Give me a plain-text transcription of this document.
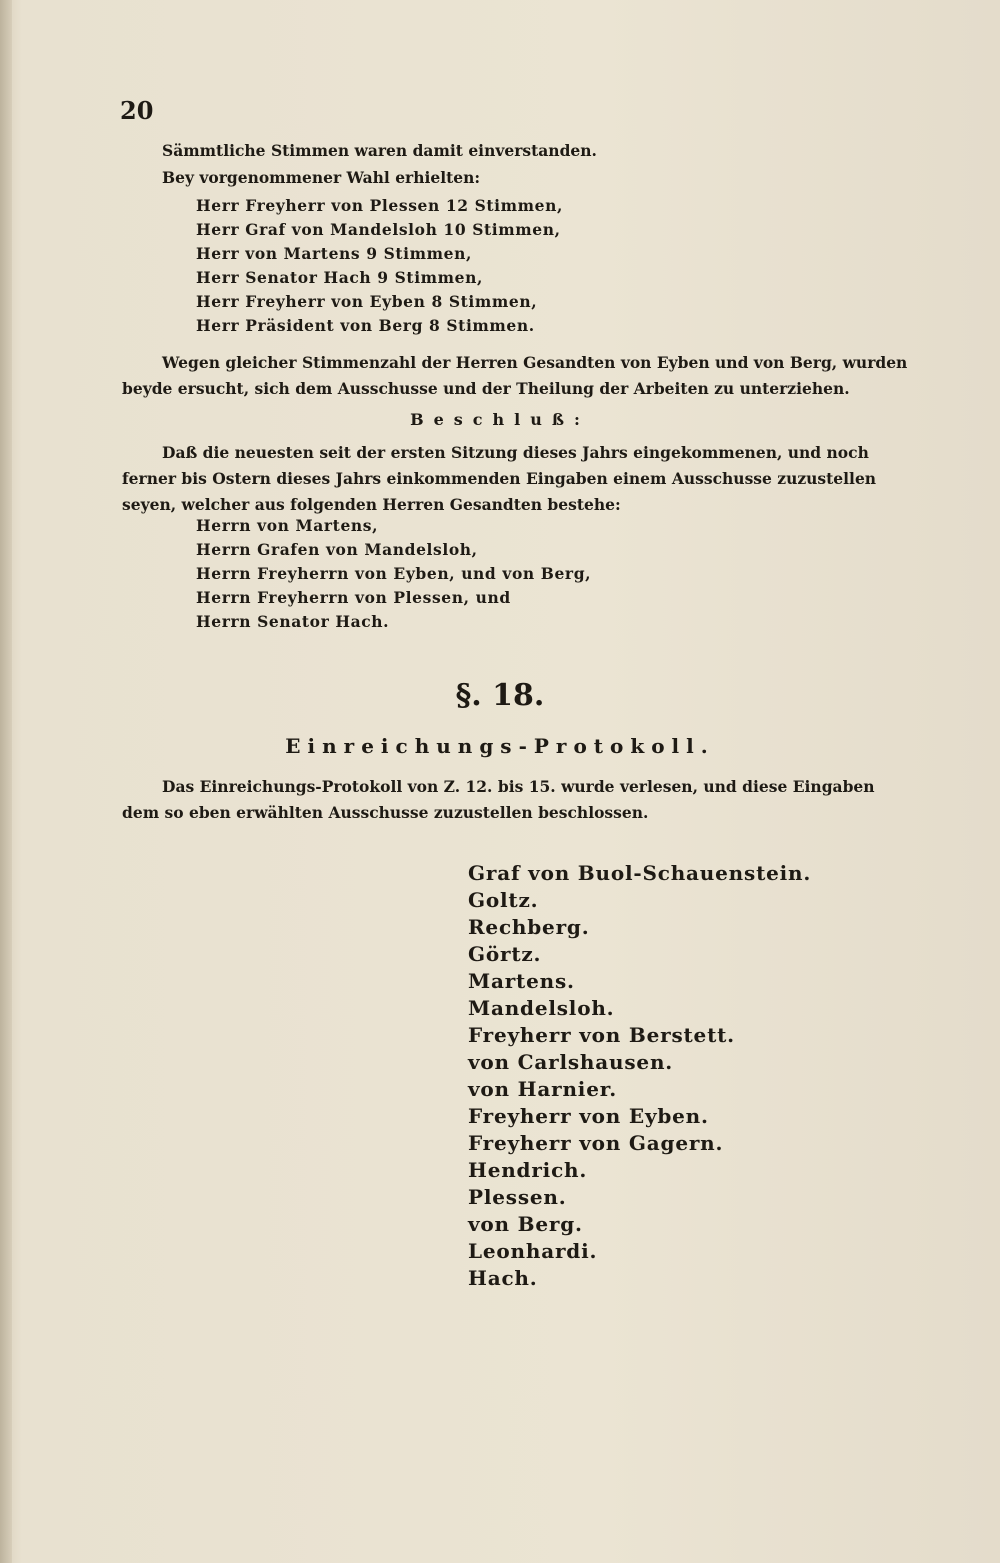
20

Sämmtliche Stimmen waren damit einverstanden.

Bey vorgenommener Wahl erhielten:

Herr Freyherr von Plessen 12 Stimmen,
Herr Graf von Mandelsloh 10 Stimmen,
Herr von Martens 9 Stimmen,
Herr Senator Hach 9 Stimmen,
Herr Freyherr von Eyben 8 Stimmen,
Herr Präsident von Berg 8 Stimmen.

Wegen gleicher Stimmenzahl der Herren Gesandten von Eyben und von Berg, wurden beyde ersucht, sich dem Ausschusse und der Theilung der Arbeiten zu unterziehen.

Beschluß:

Daß die neuesten seit der ersten Sitzung dieses Jahrs eingekommenen, und noch ferner bis Ostern dieses Jahrs einkommenden Eingaben einem Ausschusse zuzustellen seyen, welcher aus folgenden Herren Gesandten bestehe:

Herrn von Martens,
Herrn Grafen von Mandelsloh,
Herrn Freyherrn von Eyben, und von Berg,
Herrn Freyherrn von Plessen, und
Herrn Senator Hach.
§. 18.
Einreichungs-Protokoll.

Das Einreichungs-Protokoll von Z. 12. bis 15. wurde verlesen, und diese Eingaben dem so eben erwählten Ausschusse zuzustellen beschlossen.

Graf von Buol-Schauenstein.
Goltz.
Rechberg.
Görtz.
Martens.
Mandelsloh.
Freyherr von Berstett.
von Carlshausen.
von Harnier.
Freyherr von Eyben.
Freyherr von Gagern.
Hendrich.
Plessen.
von Berg.
Leonhardi.
Hach.
